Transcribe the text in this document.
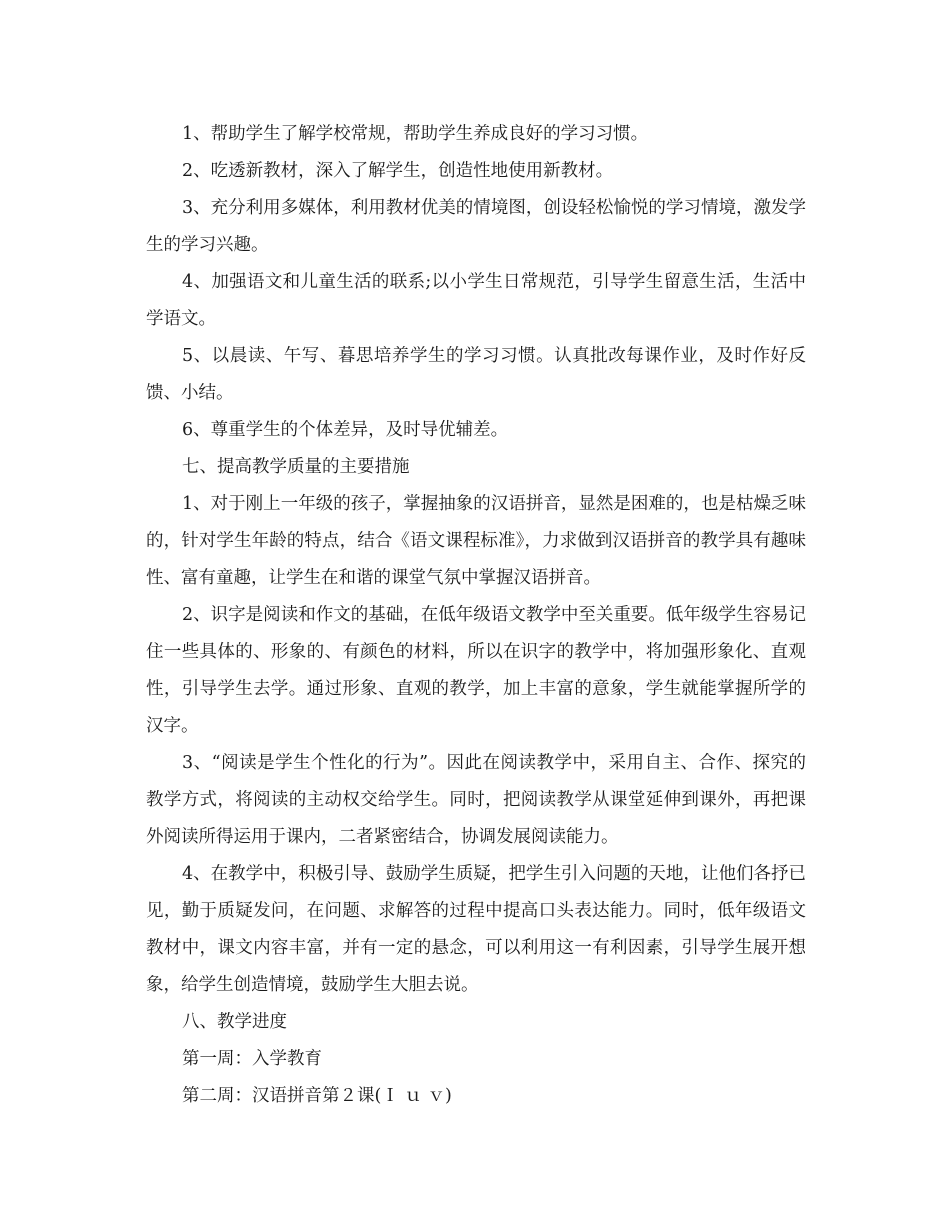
1、帮助学生了解学校常规，帮助学生养成良好的学习习惯。

2、吃透新教材，深入了解学生，创造性地使用新教材。

3、充分利用多媒体，利用教材优美的情境图，创设轻松愉悦的学习情境，激发学生的学习兴趣。

4、加强语文和儿童生活的联系;以小学生日常规范，引导学生留意生活，生活中学语文。

5、以晨读、午写、暮思培养学生的学习习惯。认真批改每课作业，及时作好反馈、小结。

6、尊重学生的个体差异，及时导优辅差。

七、提高教学质量的主要措施

1、对于刚上一年级的孩子，掌握抽象的汉语拼音，显然是困难的，也是枯燥乏味的，针对学生年龄的特点，结合《语文课程标准》，力求做到汉语拼音的教学具有趣味性、富有童趣，让学生在和谐的课堂气氛中掌握汉语拼音。

2、识字是阅读和作文的基础，在低年级语文教学中至关重要。低年级学生容易记住一些具体的、形象的、有颜色的材料，所以在识字的教学中，将加强形象化、直观性，引导学生去学。通过形象、直观的教学，加上丰富的意象，学生就能掌握所学的汉字。

3、“阅读是学生个性化的行为”。因此在阅读教学中，采用自主、合作、探究的教学方式，将阅读的主动权交给学生。同时，把阅读教学从课堂延伸到课外，再把课外阅读所得运用于课内，二者紧密结合，协调发展阅读能力。

4、在教学中，积极引导、鼓励学生质疑，把学生引入问题的天地，让他们各抒已见，勤于质疑发问，在问题、求解答的过程中提高口头表达能力。同时，低年级语文教材中，课文内容丰富，并有一定的悬念，可以利用这一有利因素，引导学生展开想象，给学生创造情境，鼓励学生大胆去说。

八、教学进度

第一周：入学教育

第二周：汉语拼音第２课(Ｉ ｕ ｖ)
